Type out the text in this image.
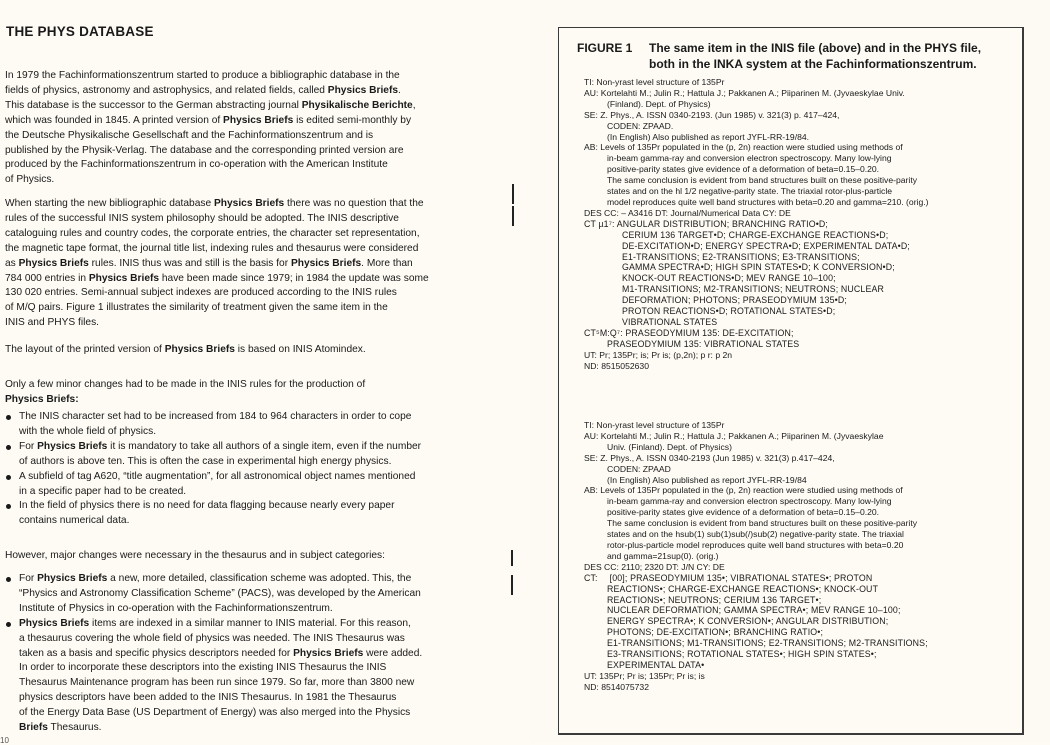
THE PHYS DATABASE
In 1979 the Fachinformationszentrum started to produce a bibliographic database in the
fields of physics, astronomy and astrophysics, and related fields, called Physics Briefs.
This database is the successor to the German abstracting journal Physikalische Berichte,
which was founded in 1845. A printed version of Physics Briefs is edited semi-monthly by
the Deutsche Physikalische Gesellschaft and the Fachinformationszentrum and is
published by the Physik-Verlag. The database and the corresponding printed version are
produced by the Fachinformationszentrum in co-operation with the American Institute
of Physics.
When starting the new bibliographic database Physics Briefs there was no question that the
rules of the successful INIS system philosophy should be adopted. The INIS descriptive
cataloguing rules and country codes, the corporate entries, the character set representation,
the magnetic tape format, the journal title list, indexing rules and thesaurus were considered
as Physics Briefs rules. INIS thus was and still is the basis for Physics Briefs. More than
784 000 entries in Physics Briefs have been made since 1979; in 1984 the update was some
130 020 entries. Semi-annual subject indexes are produced according to the INIS rules
of M/Q pairs. Figure 1 illustrates the similarity of treatment given the same item in the
INIS and PHYS files.
The layout of the printed version of Physics Briefs is based on INIS Atomindex.
Only a few minor changes had to be made in the INIS rules for the production of
Physics Briefs:
The INIS character set had to be increased from 184 to 964 characters in order to cope
with the whole field of physics.
For Physics Briefs it is mandatory to take all authors of a single item, even if the number
of authors is above ten. This is often the case in experimental high energy physics.
A subfield of tag A620, “title augmentation”, for all astronomical object names mentioned
in a specific paper had to be created.
In the field of physics there is no need for data flagging because nearly every paper
contains numerical data.
However, major changes were necessary in the thesaurus and in subject categories:
For Physics Briefs a new, more detailed, classification scheme was adopted. This, the
“Physics and Astronomy Classification Scheme” (PACS), was developed by the American
Institute of Physics in co-operation with the Fachinformationszentrum.
Physics Briefs items are indexed in a similar manner to INIS material. For this reason,
a thesaurus covering the whole field of physics was needed. The INIS Thesaurus was
taken as a basis and specific physics descriptors needed for Physics Briefs were added.
In order to incorporate these descriptors into the existing INIS Thesaurus the INIS
Thesaurus Maintenance program has been run since 1979. So far, more than 3800 new
physics descriptors have been added to the INIS Thesaurus. In 1981 the Thesaurus
of the Energy Data Base (US Department of Energy) was also merged into the Physics
Briefs Thesaurus.
10
FIGURE 1 The same item in the INIS file (above) and in the PHYS file,
both in the INKA system at the Fachinformationszentrum.
TI: Non-yrast level structure of 135Pr
AU: Kortelahti M.; Julin R.; Hattula J.; Pakkanen A.; Piiparinen M. (Jyvaeskylae Univ.
(Finland). Dept. of Physics)
SE: Z. Phys., A. ISSN 0340-2193. (Jun 1985) v. 321(3) p. 417–424,
CODEN: ZPAAD.
(In English) Also published as report JYFL-RR-19/84.
AB: Levels of 135Pr populated in the (p, 2n) reaction were studied using methods of
in-beam gamma-ray and conversion electron spectroscopy. Many low-lying
positive-parity states give evidence of a deformation of beta=0.15–0.20.
The same conclusion is evident from band structures built on these positive-parity
states and on the hl 1/2 negative-parity state. The triaxial rotor-plus-particle
model reproduces quite well band structures with beta=0.20 and gamma=210. (orig.)
DES CC: – A3416 DT: Journal/Numerical Data CY: DE
CT µ1⁷: ANGULAR DISTRIBUTION; BRANCHING RATIO•D;
CERIUM 136 TARGET•D; CHARGE-EXCHANGE REACTIONS•D;
DE-EXCITATION•D; ENERGY SPECTRA•D; EXPERIMENTAL DATA•D;
E1-TRANSITIONS; E2-TRANSITIONS; E3-TRANSITIONS;
GAMMA SPECTRA•D; HIGH SPIN STATES•D; K CONVERSION•D;
KNOCK-OUT REACTIONS•D; MEV RANGE 10–100;
M1-TRANSITIONS; M2-TRANSITIONS; NEUTRONS; NUCLEAR
DEFORMATION; PHOTONS; PRASEODYMIUM 135•D;
PROTON REACTIONS•D; ROTATIONAL STATES•D;
VIBRATIONAL STATES
CT⁵M:Q⁷: PRASEODYMIUM 135: DE-EXCITATION;
PRASEODYMIUM 135: VIBRATIONAL STATES
UT: Pr; 135Pr; is; Pr is; (p,2n); p r: p 2n
ND: 8515052630
TI: Non-yrast level structure of 135Pr
AU: Kortelahti M.; Julin R.; Hattula J.; Pakkanen A.; Piiparinen M. (Jyvaeskylae
Univ. (Finland). Dept. of Physics)
SE: Z. Phys., A. ISSN 0340-2193 (Jun 1985) v. 321(3) p.417–424,
CODEN: ZPAAD
(In English) Also published as report JYFL-RR-19/84
AB: Levels of 135Pr populated in the (p, 2n) reaction were studied using methods of
in-beam gamma-ray and conversion electron spectroscopy. Many low-lying
positive-parity states give evidence of a deformation of beta=0.15–0.20.
The same conclusion is evident from band structures built on these positive-parity
states and on the hsub(1) sub(1)sub(/)sub(2) negative-parity state. The triaxial
rotor-plus-particle model reproduces quite well band structures with beta=0.20
and gamma=21sup(0). (orig.)
DES CC: 2110; 2320 DT: J/N CY: DE
CT: [00]; PRASEODYMIUM 135•; VIBRATIONAL STATES•; PROTON
REACTIONS•; CHARGE-EXCHANGE REACTIONS•; KNOCK-OUT
REACTIONS•; NEUTRONS; CERIUM 136 TARGET•;
NUCLEAR DEFORMATION; GAMMA SPECTRA•; MEV RANGE 10–100;
ENERGY SPECTRA•; K CONVERSION•; ANGULAR DISTRIBUTION;
PHOTONS; DE-EXCITATION•; BRANCHING RATIO•;
E1-TRANSITIONS; M1-TRANSITIONS; E2-TRANSITIONS; M2-TRANSITIONS;
E3-TRANSITIONS; ROTATIONAL STATES•; HIGH SPIN STATES•;
EXPERIMENTAL DATA•
UT: 135Pr; Pr is; 135Pr; Pr is; is
ND: 8514075732
